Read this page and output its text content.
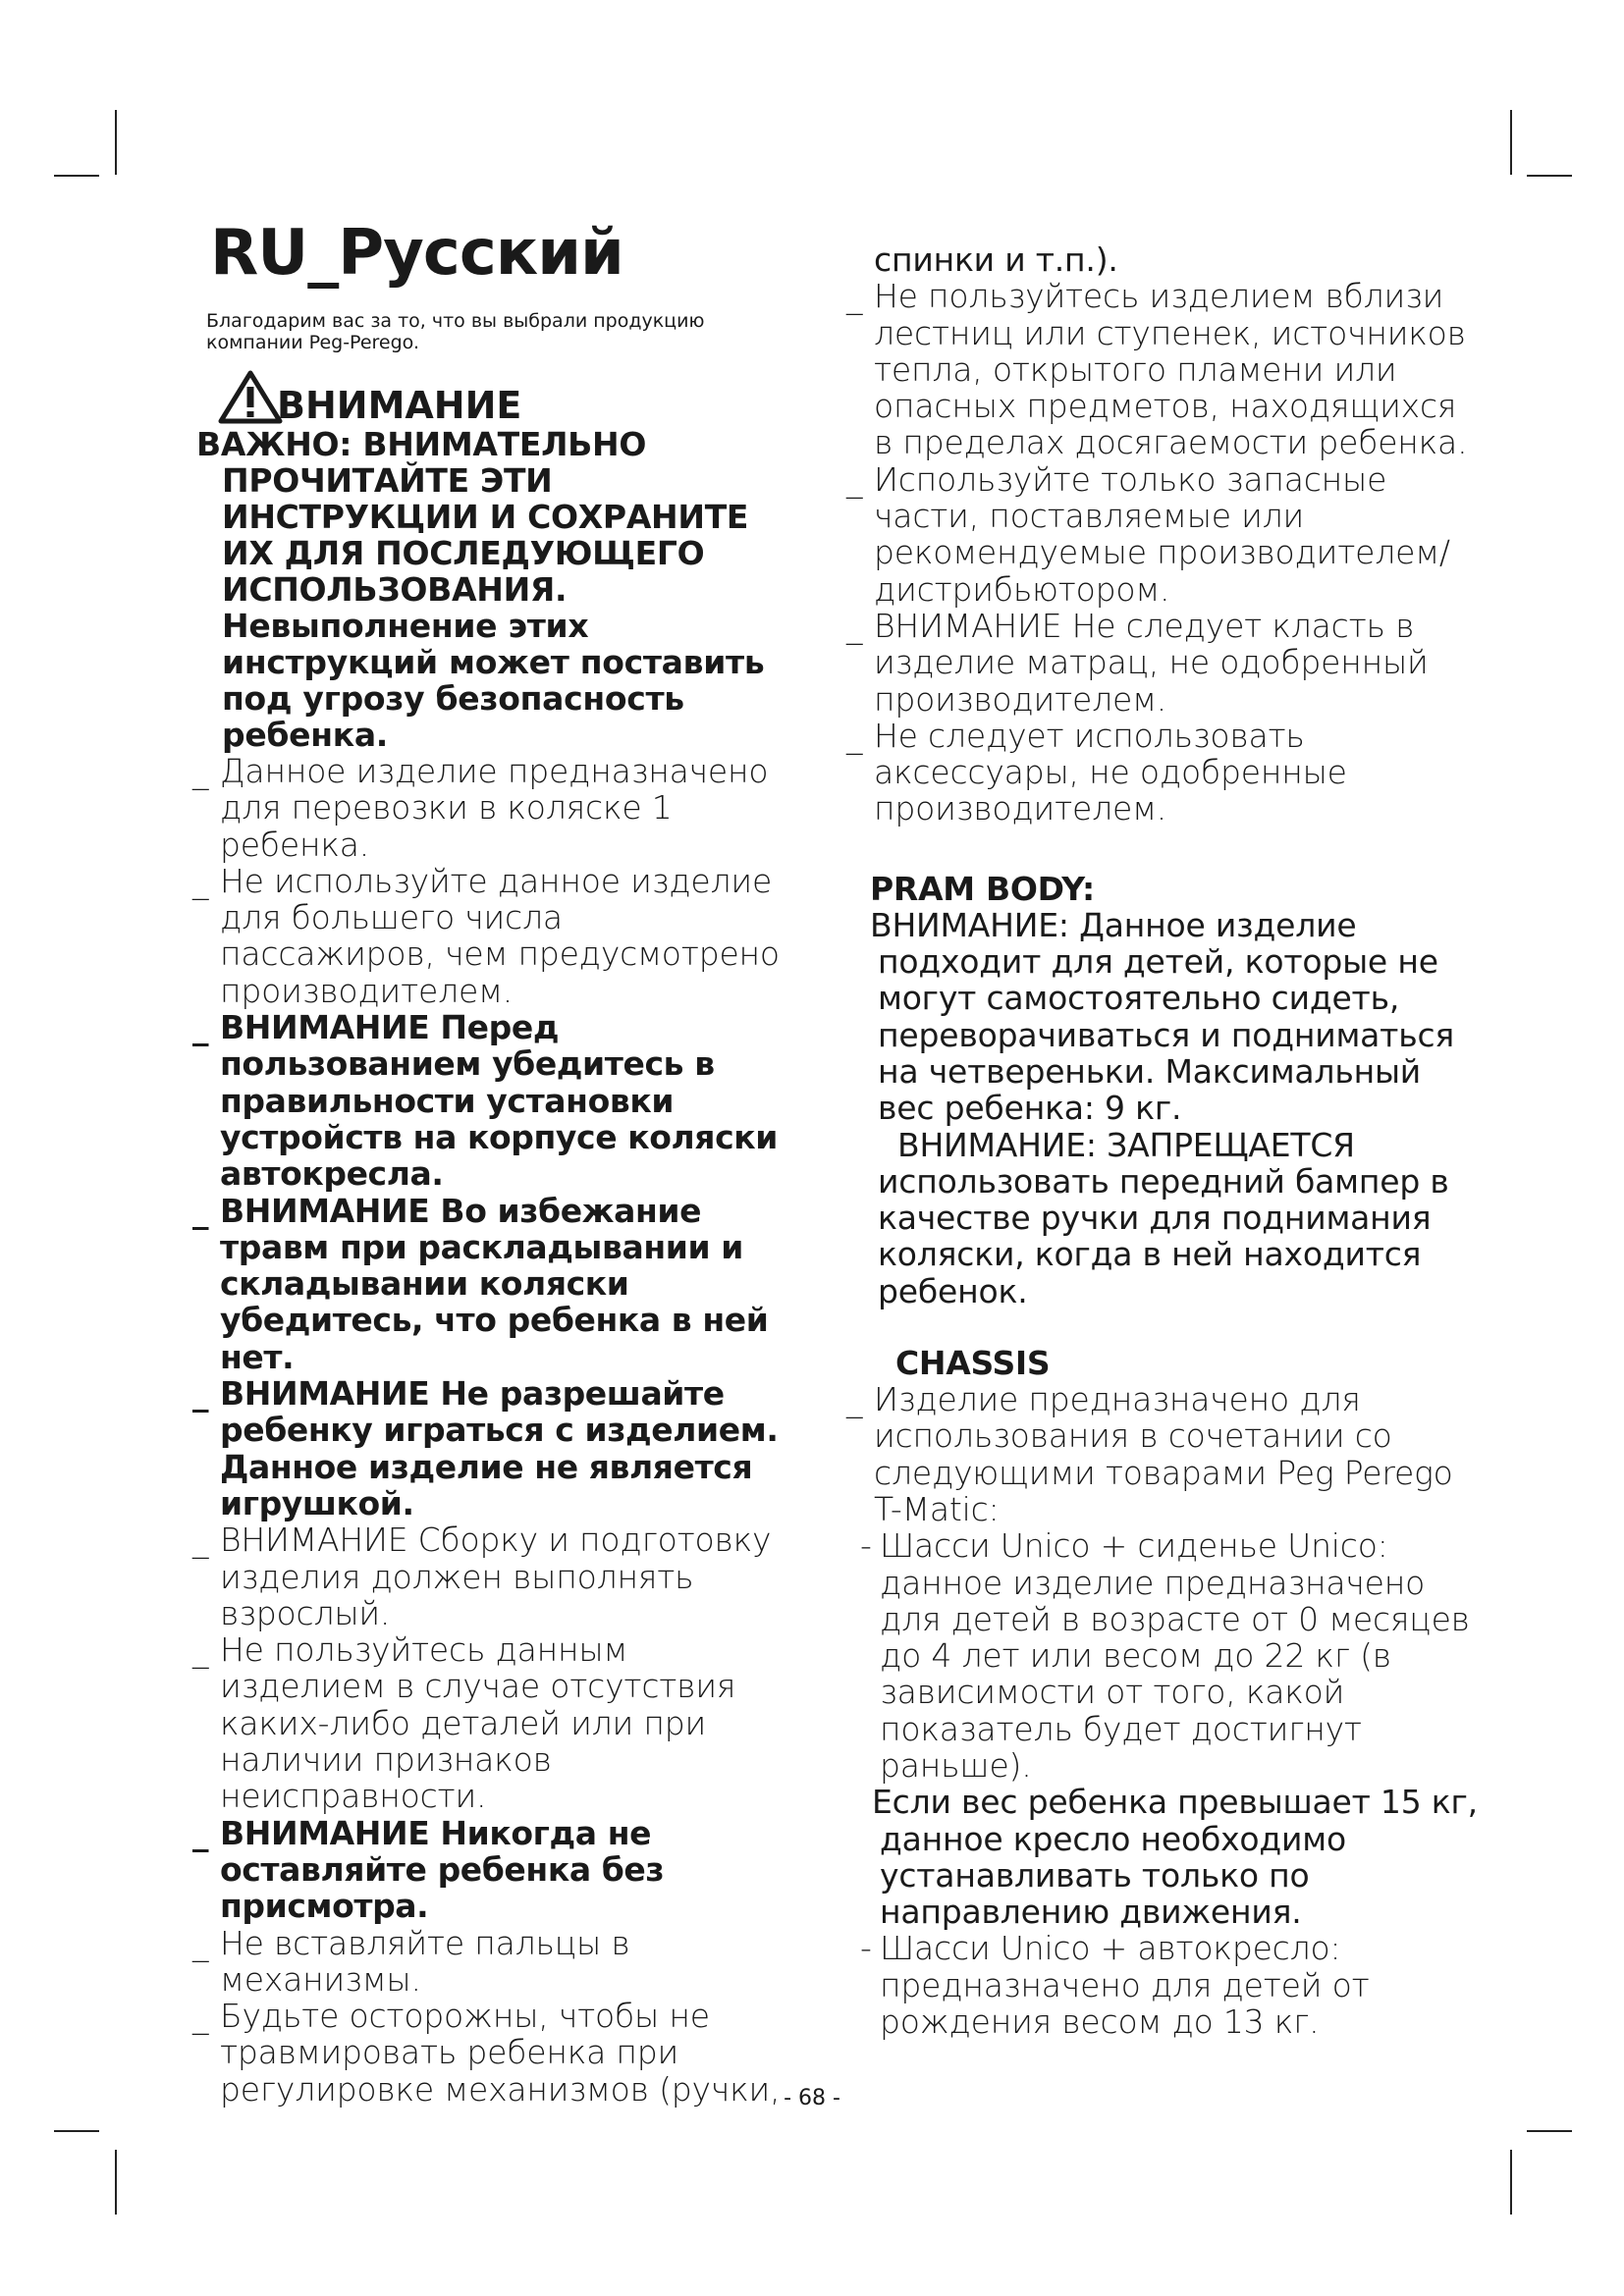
RU_Русский

Благодарим вас за то, что вы выбрали продукцию компании Peg-Perego.

ВНИМАНИЕ

ВАЖНО: ВНИМАТЕЛЬНО ПРОЧИТАЙТЕ ЭТИ ИНСТРУКЦИИ И СОХРАНИТЕ ИХ ДЛЯ ПОСЛЕДУЮЩЕГО ИСПОЛЬЗОВАНИЯ.

Невыполнение этих инструкций может поставить под угрозу безопасность ребенка.

_ Данное изделие предназначено для перевозки в коляске 1 ребенка.
_ Не используйте данное изделие для большего числа пассажиров, чем предусмотрено производителем.
_ ВНИМАНИЕ Перед пользованием убедитесь в правильности установки устройств на корпусе коляски автокресла.
_ ВНИМАНИЕ Во избежание травм при раскладывании и складывании коляски убедитесь, что ребенка в ней нет.
_ ВНИМАНИЕ Не разрешайте ребенку играться с изделием. Данное изделие не является игрушкой.
_ ВНИМАНИЕ Сборку и подготовку изделия должен выполнять взрослый.
_ Не пользуйтесь данным изделием в случае отсутствия каких-либо деталей или при наличии признаков неисправности.
_ ВНИМАНИЕ Никогда не оставляйте ребенка без присмотра.
_ Не вставляйте пальцы в механизмы.
_ Будьте осторожны, чтобы не травмировать ребенка при регулировке механизмов (ручки,

спинки и т.п.).

_ Не пользуйтесь изделием вблизи лестниц или ступенек, источников тепла, открытого пламени или опасных предметов, находящихся в пределах досягаемости ребенка.
_ Используйте только запасные части, поставляемые или рекомендуемые производителем/ дистрибьютором.
_ ВНИМАНИЕ Не следует класть в изделие матрац, не одобренный производителем.
_ Не следует использовать аксессуары, не одобренные производителем.
PRAM BODY:

ВНИМАНИЕ: Данное изделие подходит для детей, которые не могут самостоятельно сидеть, переворачиваться и подниматься на четвереньки. Максимальный вес ребенка: 9 кг.

ВНИМАНИЕ: ЗАПРЕЩАЕТСЯ использовать передний бампер в качестве ручки для поднимания коляски, когда в ней находится ребенок.

CHASSIS
_ Изделие предназначено для использования в сочетании со следующими товарами Peg Perego T-Matic:
- Шасси Unico + сиденье Unico: данное изделие предназначено для детей в возрасте от 0 месяцев до 4 лет или весом до 22 кг (в зависимости от того, какой показатель будет достигнут раньше).

Если вес ребенка превышает 15 кг, данное кресло необходимо устанавливать только по направлению движения.

- Шасси Unico + автокресло: предназначено для детей от рождения весом до 13 кг.
- 68 -
